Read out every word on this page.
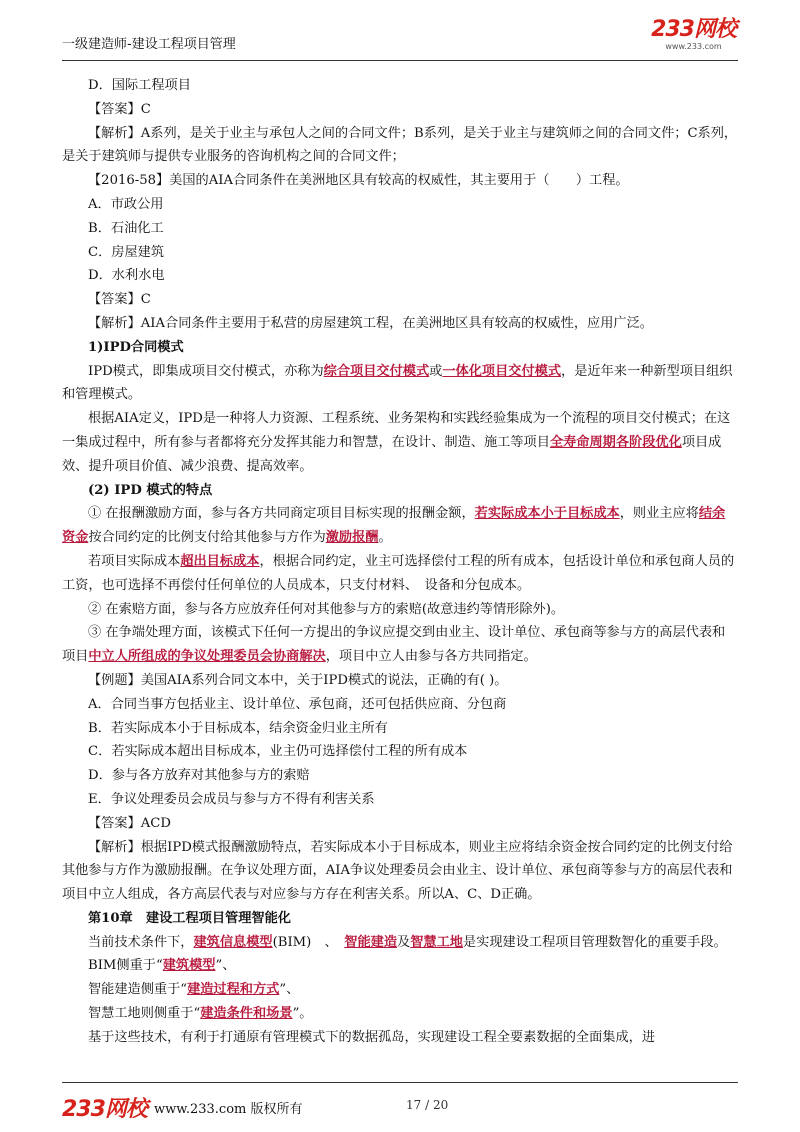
一级建造师-建设工程项目管理
233网校
www.233.com

D．国际工程项目

【答案】C

【解析】A系列，是关于业主与承包人之间的合同文件；B系列，是关于业主与建筑师之间的合同文件；C系列，是关于建筑师与提供专业服务的咨询机构之间的合同文件；

【2016-58】美国的AIA合同条件在美洲地区具有较高的权威性，其主要用于（　　）工程。

A．市政公用

B．石油化工

C．房屋建筑

D．水利水电

【答案】C

【解析】AIA合同条件主要用于私营的房屋建筑工程，在美洲地区具有较高的权威性，应用广泛。

1)IPD合同模式

IPD模式，即集成项目交付模式，亦称为综合项目交付模式或一体化项目交付模式，是近年来一种新型项目组织和管理模式。

根据AIA定义，IPD是一种将人力资源、工程系统、业务架构和实践经验集成为一个流程的项目交付模式；在这一集成过程中，所有参与者都将充分发挥其能力和智慧，在设计、制造、施工等项目全寿命周期各阶段优化项目成效、提升项目价值、减少浪费、提高效率。

(2) IPD 模式的特点

① 在报酬激励方面，参与各方共同商定项目目标实现的报酬金额，若实际成本小于目标成本，则业主应将结余资金按合同约定的比例支付给其他参与方作为激励报酬。

若项目实际成本超出目标成本，根据合同约定，业主可选择偿付工程的所有成本，包括设计单位和承包商人员的工资，也可选择不再偿付任何单位的人员成本，只支付材料、　设备和分包成本。

② 在索赔方面，参与各方应放弃任何对其他参与方的索赔(故意违约等情形除外)。

③ 在争端处理方面，该模式下任何一方提出的争议应提交到由业主、设计单位、承包商等参与方的高层代表和项目中立人所组成的争议处理委员会协商解决，项目中立人由参与各方共同指定。

【例题】美国AIA系列合同文本中，关于IPD模式的说法，正确的有( )。

A．合同当事方包括业主、设计单位、承包商，还可包括供应商、分包商

B．若实际成本小于目标成本，结余资金归业主所有

C．若实际成本超出目标成本，业主仍可选择偿付工程的所有成本

D．参与各方放弃对其他参与方的索赔

E．争议处理委员会成员与参与方不得有利害关系

【答案】ACD

【解析】根据IPD模式报酬激励特点，若实际成本小于目标成本，则业主应将结余资金按合同约定的比例支付给其他参与方作为激励报酬。在争议处理方面，AIA争议处理委员会由业主、设计单位、承包商等参与方的高层代表和项目中立人组成，各方高层代表与对应参与方存在利害关系。所以A、C、D正确。

第10章　建设工程项目管理智能化

当前技术条件下，建筑信息模型(BIM)　、　智能建造及智慧工地是实现建设工程项目管理数智化的重要手段。

BIM侧重于“建筑模型”、

智能建造侧重于“建造过程和方式”、

智慧工地则侧重于“建造条件和场景”。

基于这些技术，有利于打通原有管理模式下的数据孤岛，实现建设工程全要素数据的全面集成，进

233网校 www.233.com 版权所有	17 / 20
